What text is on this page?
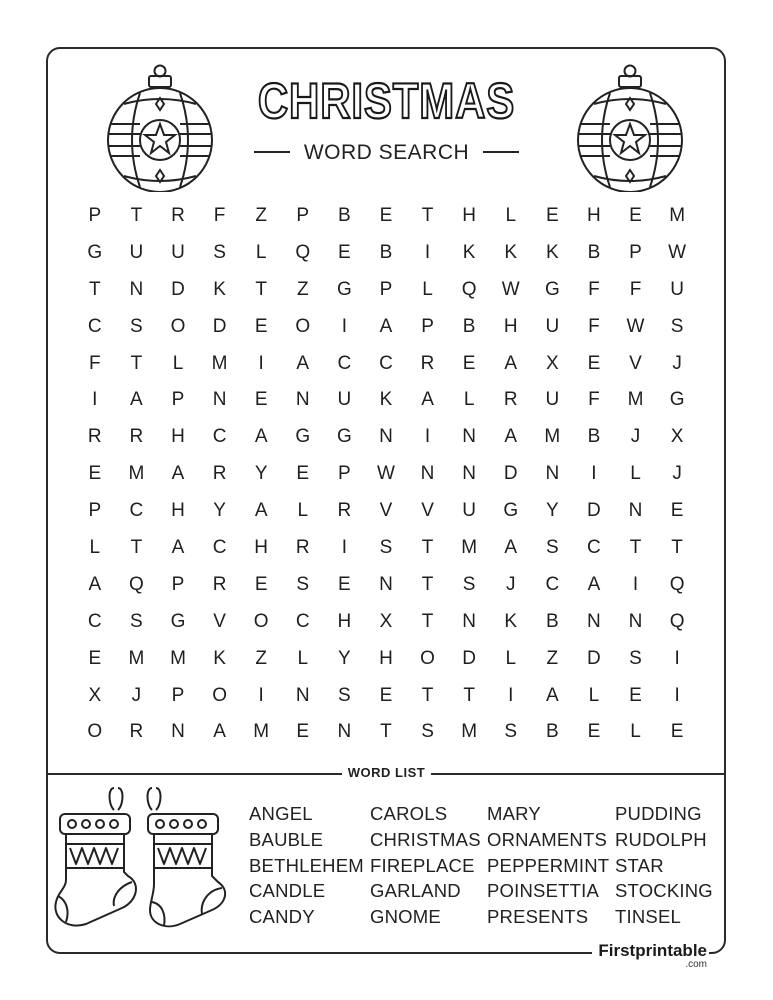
CHRISTMAS
WORD SEARCH
P	T	R	F	Z	P	B	E	T	H	L	E	H	E	M
G	U	U	S	L	Q	E	B	I	K	K	K	B	P	W
T	N	D	K	T	Z	G	P	L	Q	W	G	F	F	U
C	S	O	D	E	O	I	A	P	B	H	U	F	W	S
F	T	L	M	I	A	C	C	R	E	A	X	E	V	J
I	A	P	N	E	N	U	K	A	L	R	U	F	M	G
R	R	H	C	A	G	G	N	I	N	A	M	B	J	X
E	M	A	R	Y	E	P	W	N	N	D	N	I	L	J
P	C	H	Y	A	L	R	V	V	U	G	Y	D	N	E
L	T	A	C	H	R	I	S	T	M	A	S	C	T	T
A	Q	P	R	E	S	E	N	T	S	J	C	A	I	Q
C	S	G	V	O	C	H	X	T	N	K	B	N	N	Q
E	M	M	K	Z	L	Y	H	O	D	L	Z	D	S	I
X	J	P	O	I	N	S	E	T	T	I	A	L	E	I
O	R	N	A	M	E	N	T	S	M	S	B	E	L	E
WORD LIST
ANGEL
BAUBLE
BETHLEHEM
CANDLE
CANDY
CAROLS
CHRISTMAS
FIREPLACE
GARLAND
GNOME
MARY
ORNAMENTS
PEPPERMINT
POINSETTIA
PRESENTS
PUDDING
RUDOLPH
STAR
STOCKING
TINSEL
Firstprintable
.com
